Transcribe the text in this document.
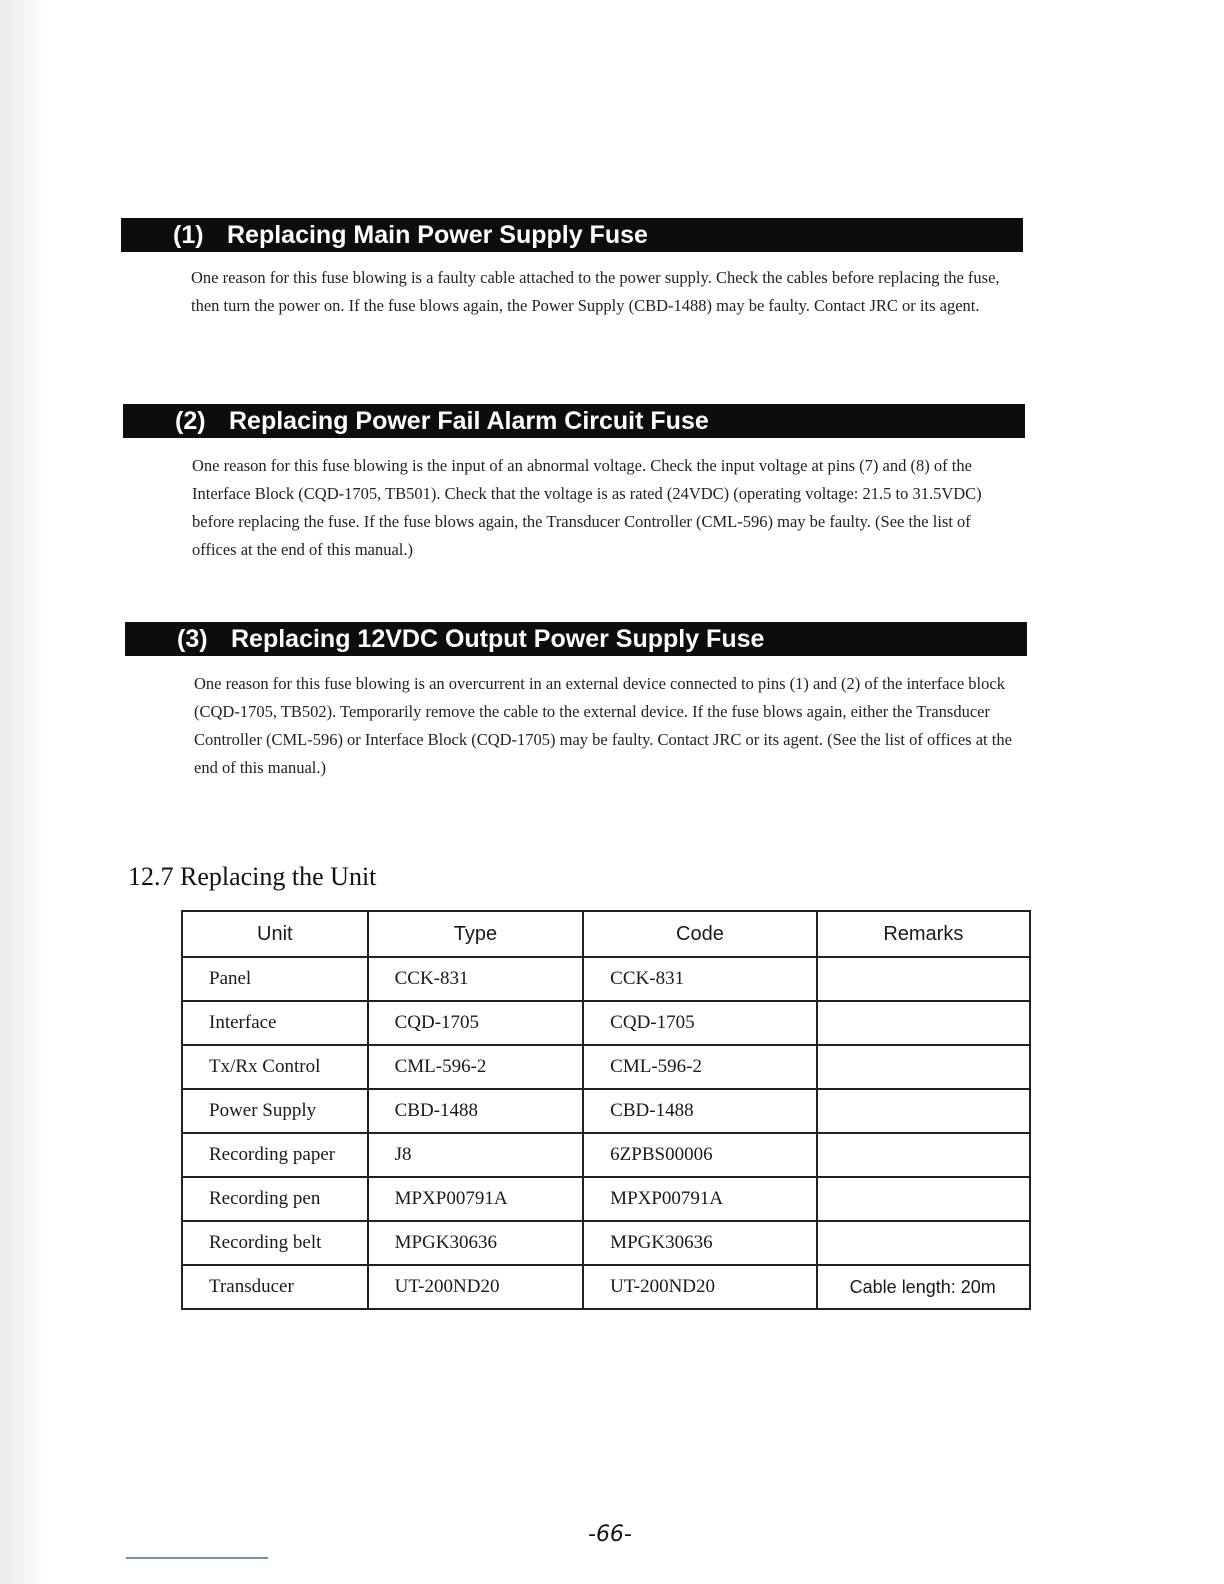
(1) Replacing Main Power Supply Fuse

One reason for this fuse blowing is a faulty cable attached to the power supply. Check the cables before replacing the fuse, then turn the power on. If the fuse blows again, the Power Supply (CBD-1488) may be faulty. Contact JRC or its agent.

(2) Replacing Power Fail Alarm Circuit Fuse

One reason for this fuse blowing is the input of an abnormal voltage. Check the input voltage at pins (7) and (8) of the Interface Block (CQD-1705, TB501). Check that the voltage is as rated (24VDC) (operating voltage: 21.5 to 31.5VDC) before replacing the fuse. If the fuse blows again, the Transducer Controller (CML-596) may be faulty. (See the list of offices at the end of this manual.)

(3) Replacing 12VDC Output Power Supply Fuse

One reason for this fuse blowing is an overcurrent in an external device connected to pins (1) and (2) of the interface block (CQD-1705, TB502). Temporarily remove the cable to the external device. If the fuse blows again, either the Transducer Controller (CML-596) or Interface Block (CQD-1705) may be faulty. Contact JRC or its agent. (See the list of offices at the end of this manual.)

12.7 Replacing the Unit
Unit	Type	Code	Remarks
Panel	CCK-831	CCK-831	
Interface	CQD-1705	CQD-1705	
Tx/Rx Control	CML-596-2	CML-596-2	
Power Supply	CBD-1488	CBD-1488	
Recording paper	J8	6ZPBS00006	
Recording pen	MPXP00791A	MPXP00791A	
Recording belt	MPGK30636	MPGK30636	
Transducer	UT-200ND20	UT-200ND20	Cable length: 20m
-66-
